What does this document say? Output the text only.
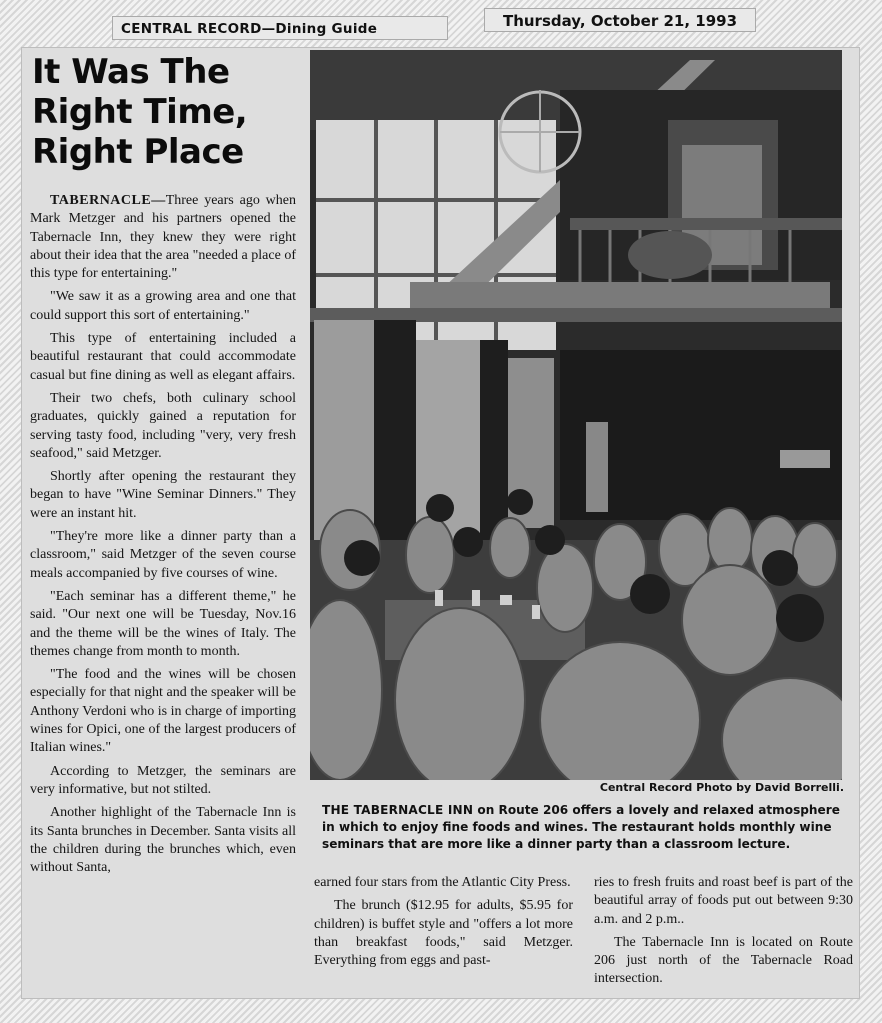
CENTRAL RECORD—Dining Guide	Thursday, October 21, 1993
It Was The Right Time, Right Place

TABERNACLE—Three years ago when Mark Metzger and his partners opened the Tabernacle Inn, they knew they were right about their idea that the area "needed a place of this type for entertaining."

"We saw it as a growing area and one that could support this sort of entertaining."

This type of entertaining included a beautiful restaurant that could accommodate casual but fine dining as well as elegant affairs.

Their two chefs, both culinary school graduates, quickly gained a reputation for serving tasty food, including "very, very fresh seafood," said Metzger.

Shortly after opening the restaurant they began to have "Wine Seminar Dinners." They were an instant hit.

"They're more like a dinner party than a classroom," said Metzger of the seven course meals accompanied by five courses of wine.

"Each seminar has a different theme," he said. "Our next one will be Tuesday, Nov.16 and the theme will be the wines of Italy. The themes change from month to month.

"The food and the wines will be chosen especially for that night and the speaker will be Anthony Verdoni who is in charge of importing wines for Opici, one of the largest producers of Italian wines."

According to Metzger, the seminars are very informative, but not stilted.

Another highlight of the Tabernacle Inn is its Santa brunches in December. Santa visits all the children during the brunches which, even without Santa,

Central Record Photo by David Borrelli.

THE TABERNACLE INN on Route 206 offers a lovely and relaxed atmosphere in which to enjoy fine foods and wines. The restaurant holds monthly wine seminars that are more like a dinner party than a classroom lecture.

earned four stars from the Atlantic City Press.

The brunch ($12.95 for adults, $5.95 for children) is buffet style and "offers a lot more than breakfast foods," said Metzger. Everything from eggs and past-

ries to fresh fruits and roast beef is part of the beautiful array of foods put out between 9:30 a.m. and 2 p.m..

The Tabernacle Inn is located on Route 206 just north of the Tabernacle Road intersection.
